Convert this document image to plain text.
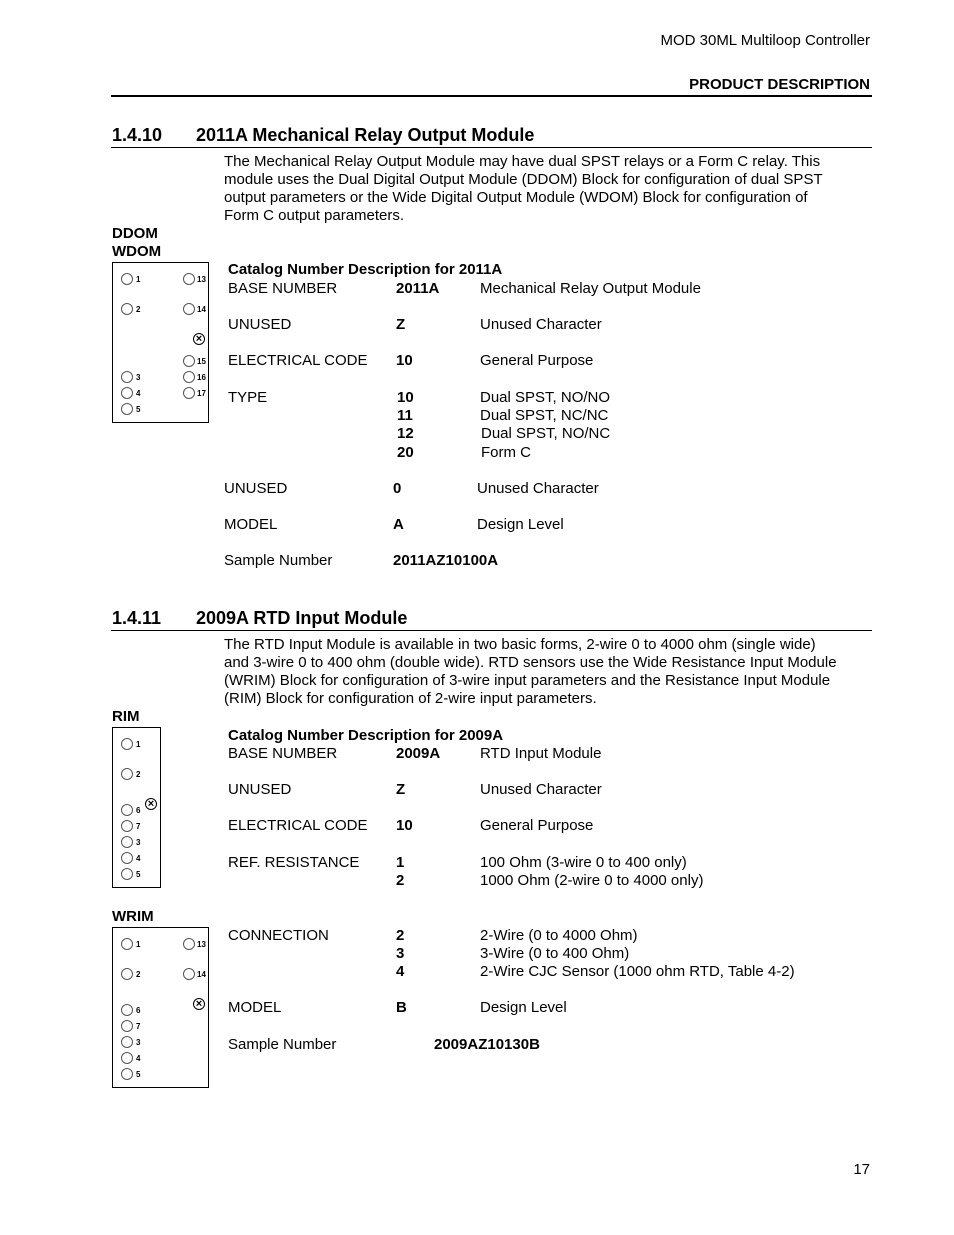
MOD 30ML Multiloop Controller
PRODUCT DESCRIPTION
1.4.10 2011A Mechanical Relay Output Module
The Mechanical Relay Output Module may have dual SPST relays or a Form C relay. This
module uses the Dual Digital Output Module (DDOM) Block for configuration of dual SPST
output parameters or the Wide Digital Output Module (WDOM) Block for configuration of
Form C output parameters.
DDOM
WDOM
1	13
2	14
×
15
3	16
4	17
5
Catalog Number Description for 2011A
BASE NUMBER	2011A	Mechanical Relay Output Module
UNUSED	Z	Unused Character
ELECTRICAL CODE 10	General Purpose
TYPE	10	Dual SPST, NO/NO
11	Dual SPST, NC/NC
12	Dual SPST, NO/NC
20	Form C
UNUSED	0	Unused Character
MODEL	A	Design Level
Sample Number	2011AZ10100A
1.4.11 2009A RTD Input Module
The RTD Input Module is available in two basic forms, 2-wire 0 to 4000 ohm (single wide)
and 3-wire 0 to 400 ohm (double wide). RTD sensors use the Wide Resistance Input Module
(WRIM) Block for configuration of 3-wire input parameters and the Resistance Input Module
(RIM) Block for configuration of 2-wire input parameters.
RIM
1
2
×
6
7
3
4
5
WRIM
1	13
2	14
×
6
7
3
4
5
Catalog Number Description for 2009A
BASE NUMBER	2009A	RTD Input Module
UNUSED	Z	Unused Character
ELECTRICAL CODE 10	General Purpose
REF. RESISTANCE 1	100 Ohm (3-wire 0 to 400 only)
2	1000 Ohm (2-wire 0 to 4000 only)
CONNECTION	2	2-Wire (0 to 4000 Ohm)
3	3-Wire (0 to 400 Ohm)
4	2-Wire CJC Sensor (1000 ohm RTD, Table 4-2)
MODEL	B	Design Level
Sample Number	2009AZ10130B
17
